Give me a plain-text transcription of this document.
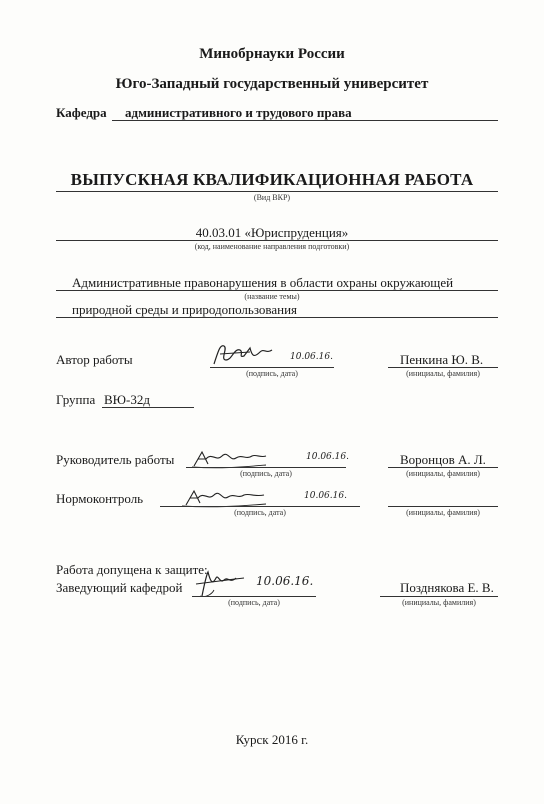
Минобрнауки России
Юго-Западный государственный университет
Кафедра административного и трудового права
ВЫПУСКНАЯ КВАЛИФИКАЦИОННАЯ РАБОТА
(Вид ВКР)
40.03.01 «Юриспруденция»
(код, наименование направления подготовки)
Административные правонарушения в области охраны окружающей
(название темы)
природной среды и природопользования
Автор работы	10.06.16.
(подпись, дата)
Пенкина Ю. В.
(инициалы, фамилия)
Группа ВЮ-32д
Руководитель работы	10.06.16.
(подпись, дата)
Воронцов А. Л.
(инициалы, фамилия)
Нормоконтроль	10.06.16.
(подпись, дата)	(инициалы, фамилия)
Работа допущена к защите:
Заведующий кафедрой	10.06.16.
(подпись, дата)
Позднякова Е. В.
(инициалы, фамилия)
Курск 2016 г.
